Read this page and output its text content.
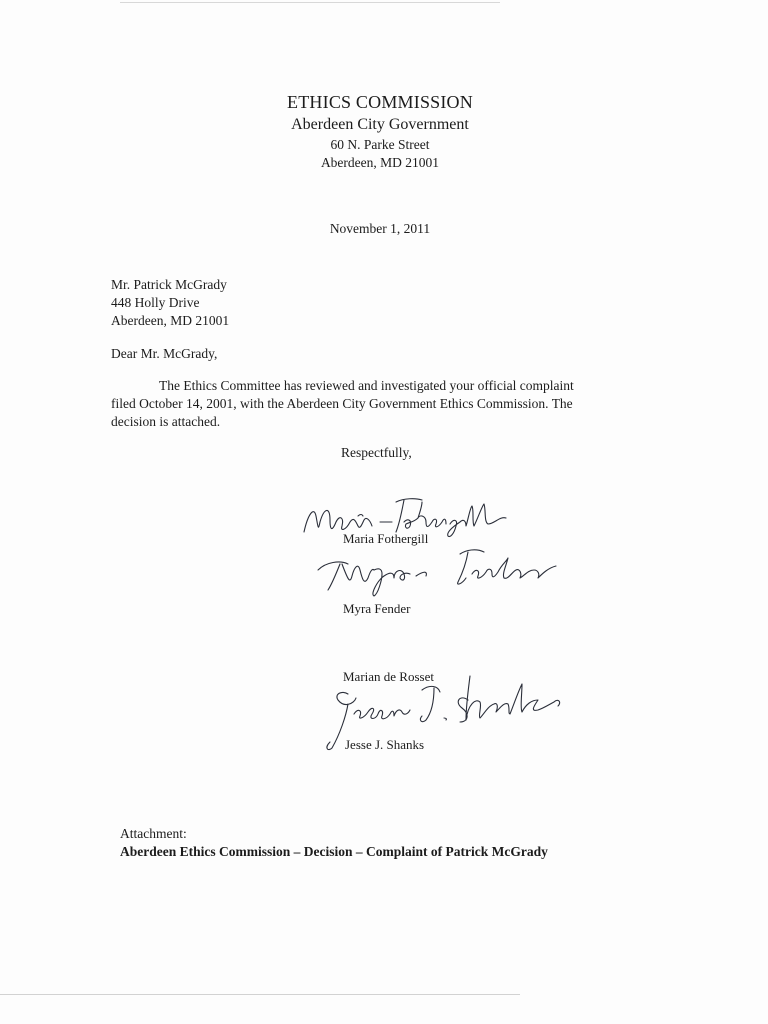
ETHICS COMMISSION
Aberdeen City Government
60 N. Parke Street
Aberdeen, MD 21001
November 1, 2011
Mr. Patrick McGrady
448 Holly Drive
Aberdeen, MD 21001
Dear Mr. McGrady,
The Ethics Committee has reviewed and investigated your official complaint
filed October 14, 2001, with the Aberdeen City Government Ethics Commission. The
decision is attached.
Respectfully,
Maria Fothergill
Myra Fender
Marian de Rosset
Jesse J. Shanks
Attachment:
Aberdeen Ethics Commission – Decision – Complaint of Patrick McGrady
